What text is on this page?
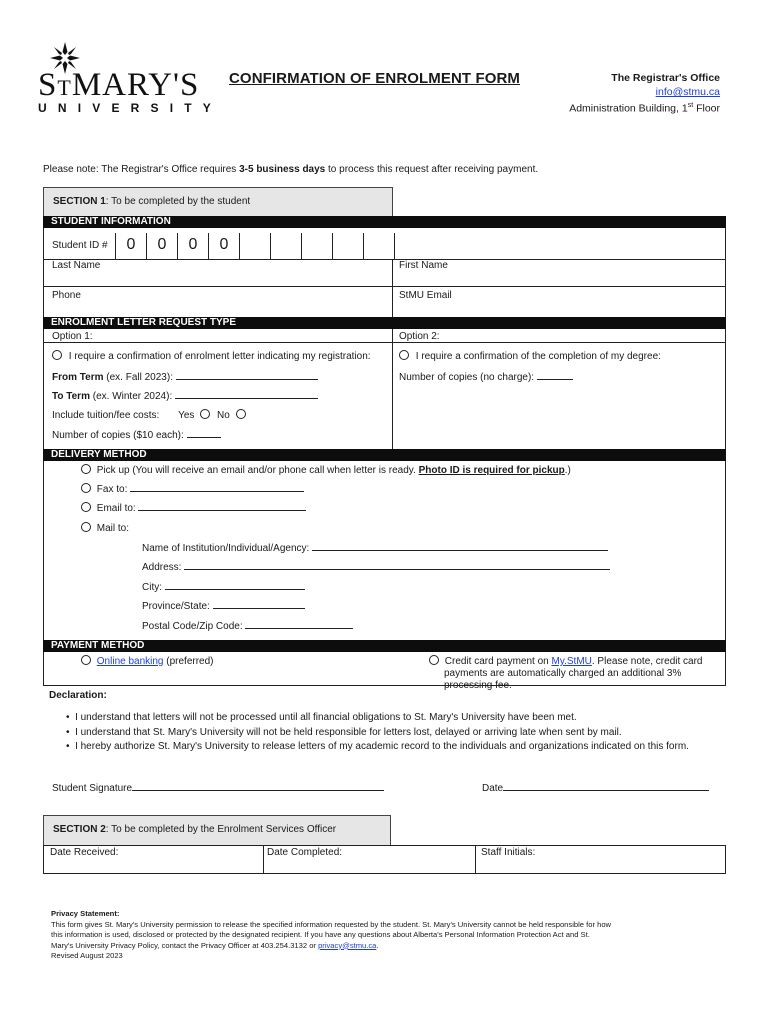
STMARY'S
UNIVERSITY
CONFIRMATION OF ENROLMENT FORM	The Registrar's Office
info@stmu.ca
Administration Building, 1st Floor
Please note: The Registrar's Office requires 3-5 business days to process this request after receiving payment.
SECTION 1: To be completed by the student
STUDENT INFORMATION
Student ID #	0	0	0	0
Last Name	First Name
Phone	StMU Email
ENROLMENT LETTER REQUEST TYPE
Option 1:	Option 2:
I require a confirmation of enrolment letter indicating my registration:	I require a confirmation of the completion of my degree:
From Term (ex. Fall 2023):	Number of copies (no charge):
To Term (ex. Winter 2024):
Include tuition/fee costs: Yes No
Number of copies ($10 each):
DELIVERY METHOD
Pick up (You will receive an email and/or phone call when letter is ready. Photo ID is required for pickup.)
Fax to:
Email to:
Mail to:
Name of Institution/Individual/Agency:
Address:
City:
Province/State:
Postal Code/Zip Code:
PAYMENT METHOD
Online banking (preferred)	Credit card payment on My.StMU. Please note, credit card
payments are automatically charged an additional 3%
processing fee.
Declaration:
•  I understand that letters will not be processed until all financial obligations to St. Mary's University have been met.
•  I understand that St. Mary's University will not be held responsible for letters lost, delayed or arriving late when sent by mail.
•  I hereby authorize St. Mary's University to release letters of my academic record to the individuals and organizations indicated on this form.
Student Signature	Date
SECTION 2: To be completed by the Enrolment Services Officer
Date Received:	Date Completed:	Staff Initials:
Privacy Statement:
This form gives St. Mary's University permission to release the specified information requested by the student. St. Mary's University cannot be held responsible for how
this information is used, disclosed or protected by the designated recipient. If you have any questions about Alberta's Personal Information Protection Act and St.
Mary's University Privacy Policy, contact the Privacy Officer at 403.254.3132 or privacy@stmu.ca.
Revised August 2023
